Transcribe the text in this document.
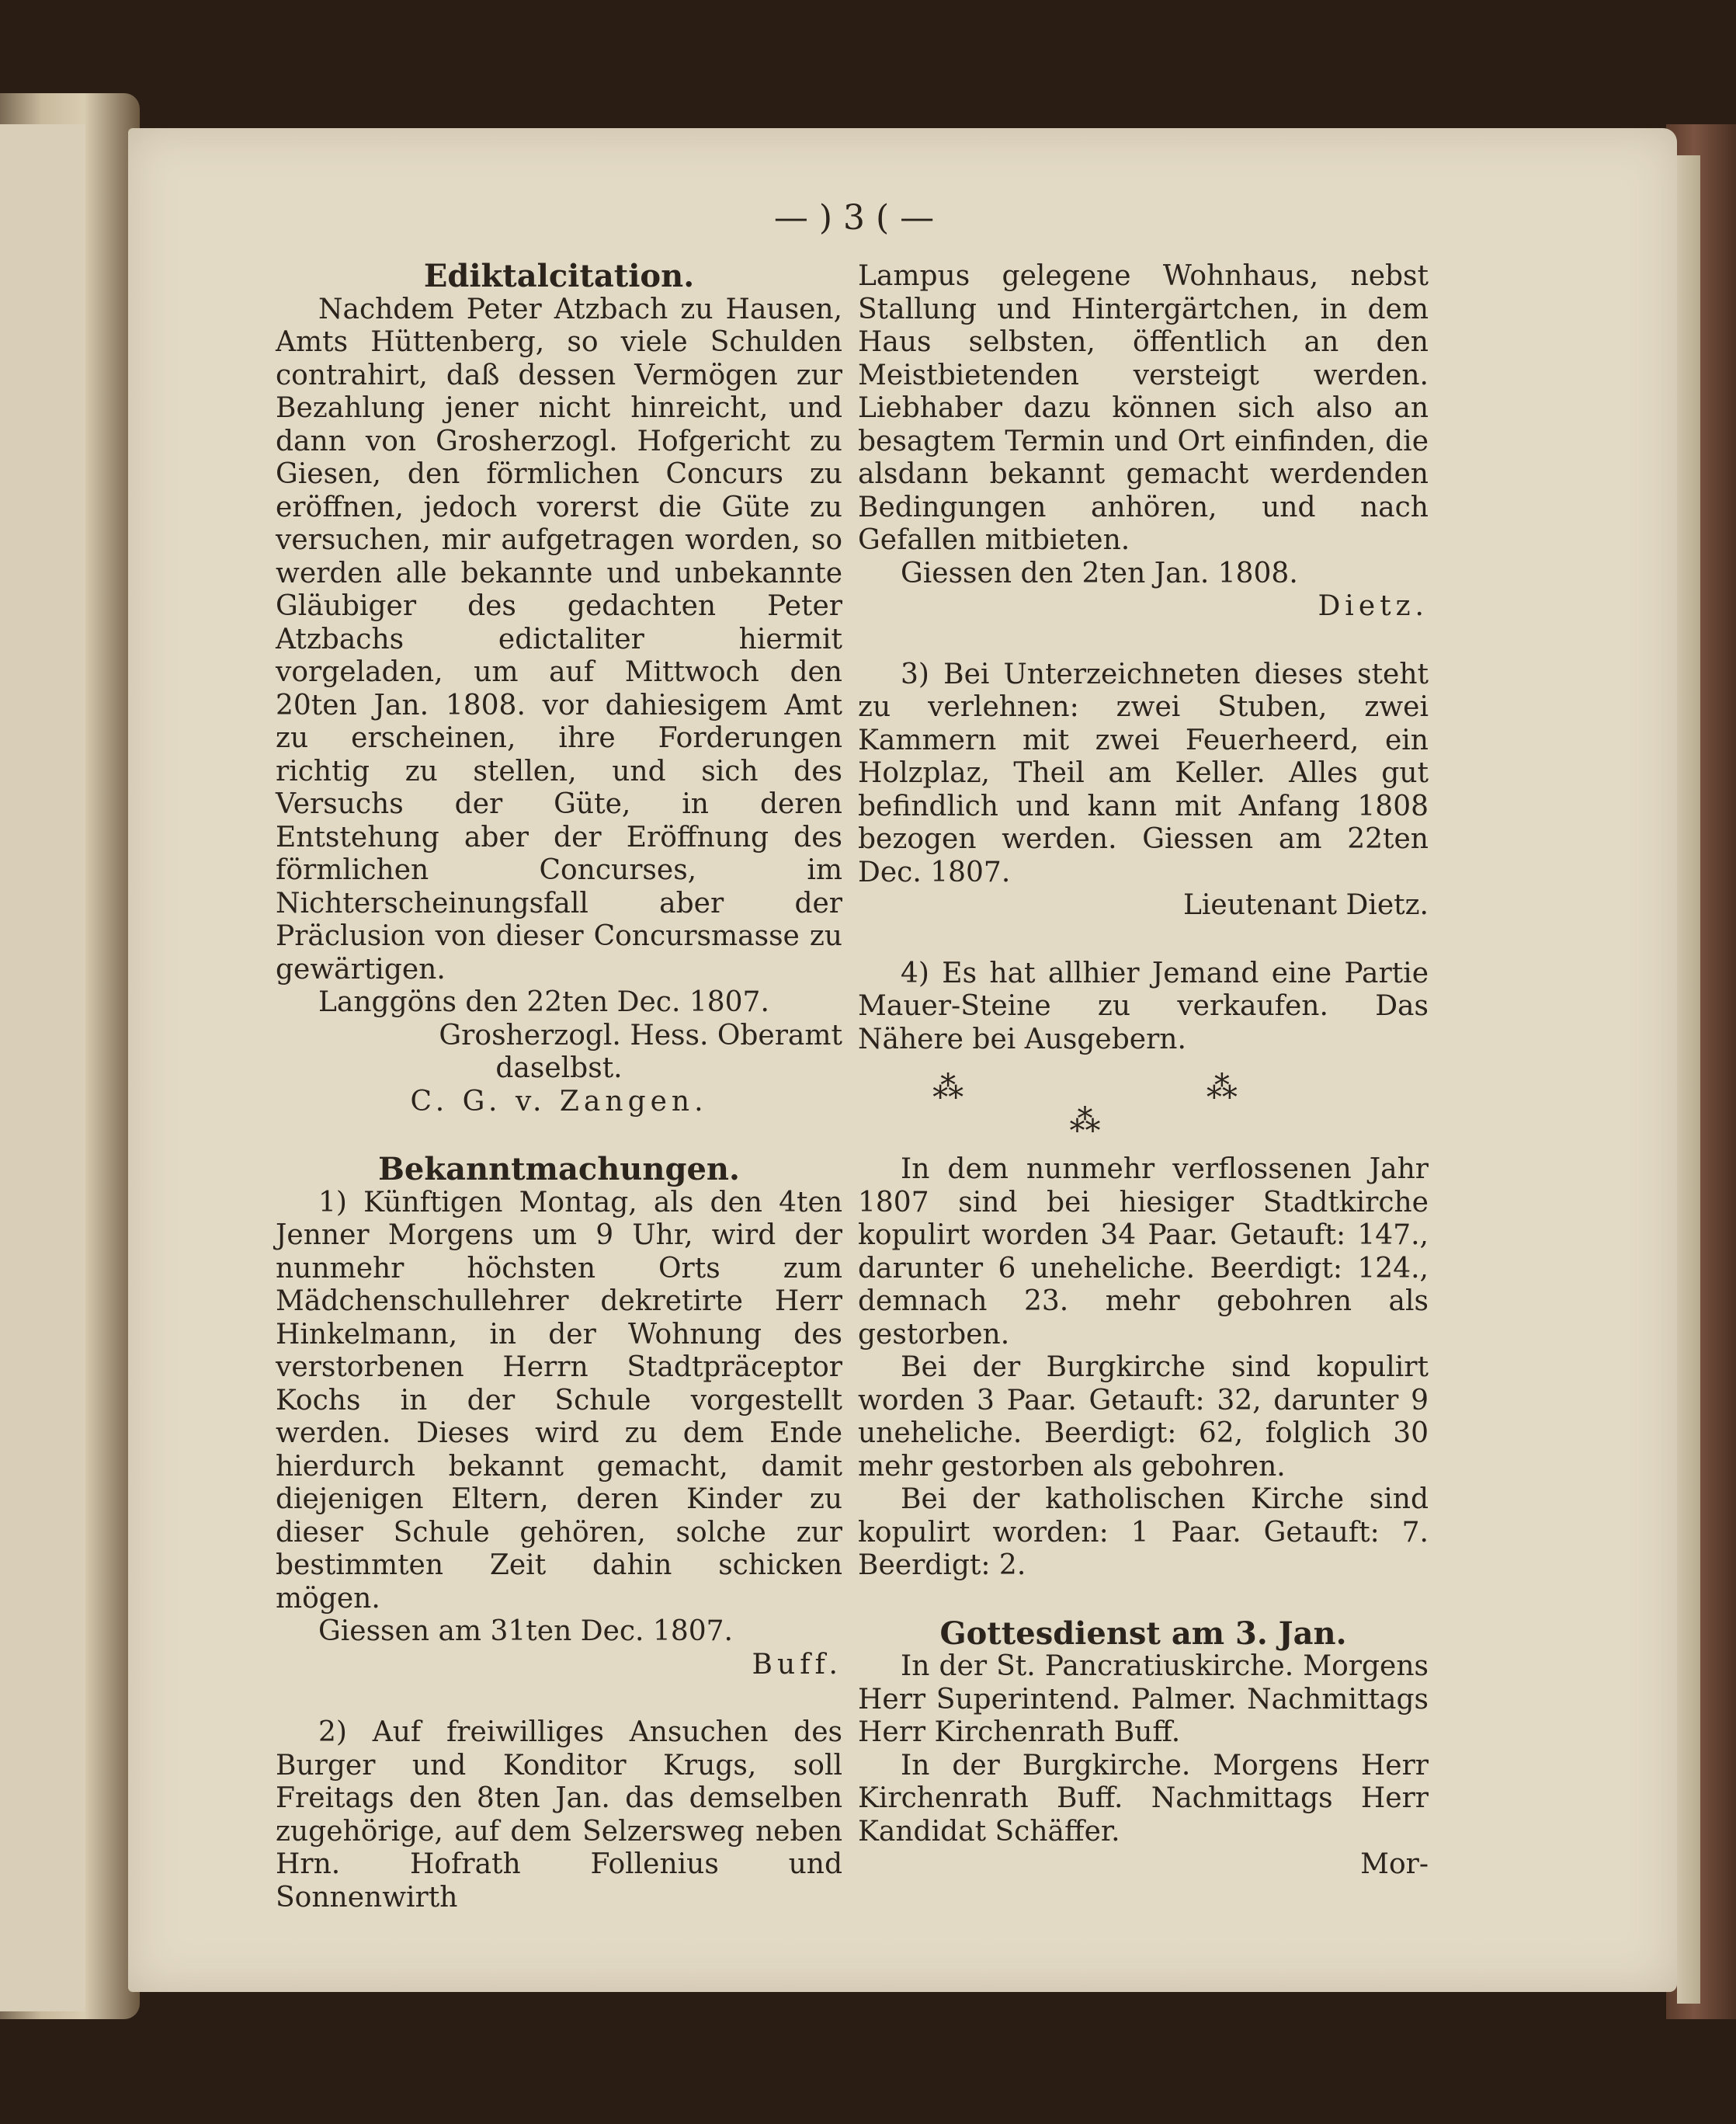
— ) 3 ( —

Ediktalcitation.

Nachdem Peter Atzbach zu Hausen, Amts Hüttenberg, so viele Schulden contrahirt, daß dessen Vermögen zur Bezahlung jener nicht hinreicht, und dann von Grosherzogl. Hofgericht zu Giesen, den förmlichen Concurs zu eröffnen, jedoch vorerst die Güte zu versuchen, mir aufgetragen worden, so werden alle bekannte und unbekannte Gläubiger des gedachten Peter Atzbachs edictaliter hiermit vorgeladen, um auf Mittwoch den 20ten Jan. 1808. vor dahiesigem Amt zu erscheinen, ihre Forderungen richtig zu stellen, und sich des Versuchs der Güte, in deren Entstehung aber der Eröffnung des förmlichen Concurses, im Nichterscheinungsfall aber der Präclusion von dieser Concursmasse zu gewärtigen.

Langgöns den 22ten Dec. 1807.

Grosherzogl. Hess. Oberamt

daselbst.

C. G. v. Zangen.

Bekanntmachungen.

1) Künftigen Montag, als den 4ten Jenner Morgens um 9 Uhr, wird der nunmehr höchsten Orts zum Mädchenschullehrer dekretirte Herr Hinkelmann, in der Wohnung des verstorbenen Herrn Stadtpräceptor Kochs in der Schule vorgestellt werden. Dieses wird zu dem Ende hierdurch bekannt gemacht, damit diejenigen Eltern, deren Kinder zu dieser Schule gehören, solche zur bestimmten Zeit dahin schicken mögen.

Giessen am 31ten Dec. 1807.

Buff.

2) Auf freiwilliges Ansuchen des Burger und Konditor Krugs, soll Freitags den 8ten Jan. das demselben zugehörige, auf dem Selzersweg neben Hrn. Hofrath Follenius und Sonnenwirth

Lampus gelegene Wohnhaus, nebst Stallung und Hintergärtchen, in dem Haus selbsten, öffentlich an den Meistbietenden versteigt werden. Liebhaber dazu können sich also an besagtem Termin und Ort einfinden, die alsdann bekannt gemacht werdenden Bedingungen anhören, und nach Gefallen mitbieten.

Giessen den 2ten Jan. 1808.

Dietz.

3) Bei Unterzeichneten dieses steht zu verlehnen: zwei Stuben, zwei Kammern mit zwei Feuerheerd, ein Holzplaz, Theil am Keller. Alles gut befindlich und kann mit Anfang 1808 bezogen werden. Giessen am 22ten Dec. 1807.

Lieutenant Dietz.

4) Es hat allhier Jemand eine Partie Mauer-Steine zu verkaufen. Das Nähere bei Ausgebern.

⁂ ⁂ ⁂

In dem nunmehr verflossenen Jahr 1807 sind bei hiesiger Stadtkirche kopulirt worden 34 Paar. Getauft: 147., darunter 6 uneheliche. Beerdigt: 124., demnach 23. mehr gebohren als gestorben.

Bei der Burgkirche sind kopulirt worden 3 Paar. Getauft: 32, darunter 9 uneheliche. Beerdigt: 62, folglich 30 mehr gestorben als gebohren.

Bei der katholischen Kirche sind kopulirt worden: 1 Paar. Getauft: 7. Beerdigt: 2.

Gottesdienst am 3. Jan.

In der St. Pancratiuskirche. Morgens Herr Superintend. Palmer. Nachmittags Herr Kirchenrath Buff.

In der Burgkirche. Morgens Herr Kirchenrath Buff. Nachmittags Herr Kandidat Schäffer.

Mor-
